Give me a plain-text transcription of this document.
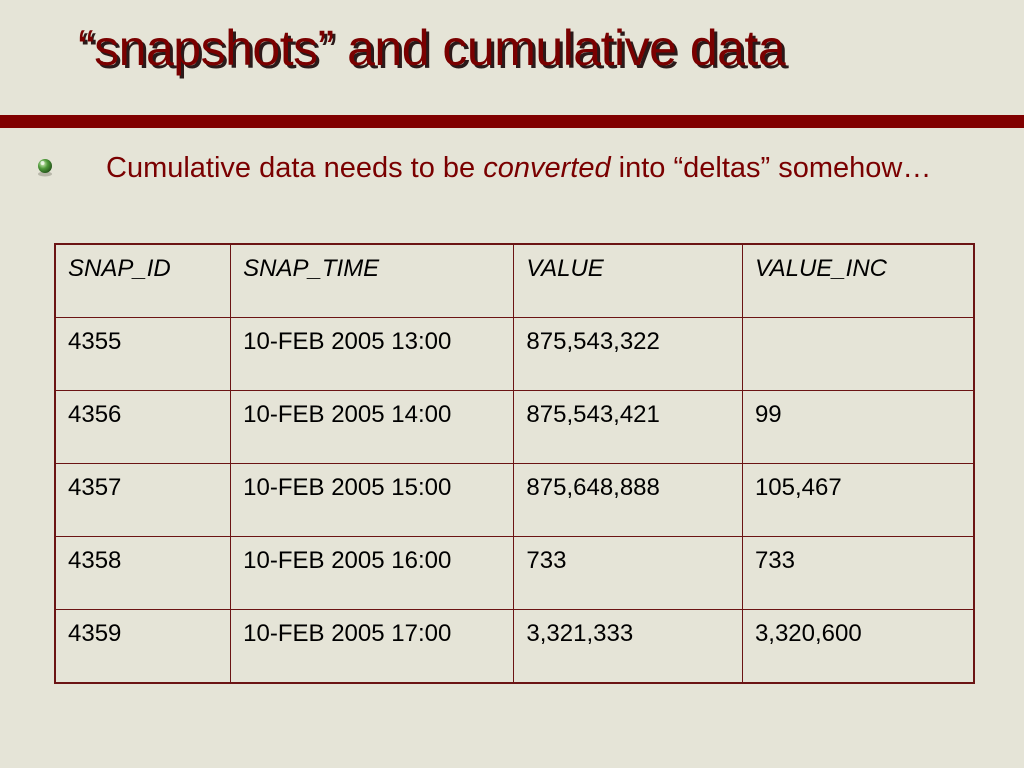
“snapshots” and cumulative data
Cumulative data needs to be converted into “deltas” somehow…
SNAP_ID	SNAP_TIME	VALUE	VALUE_INC

4355	10-FEB 2005 13:00	875,543,322	

4356	10-FEB 2005 14:00	875,543,421	99

4357	10-FEB 2005 15:00	875,648,888	105,467

4358	10-FEB 2005 16:00	733	733

4359	10-FEB 2005 17:00	3,321,333	3,320,600
